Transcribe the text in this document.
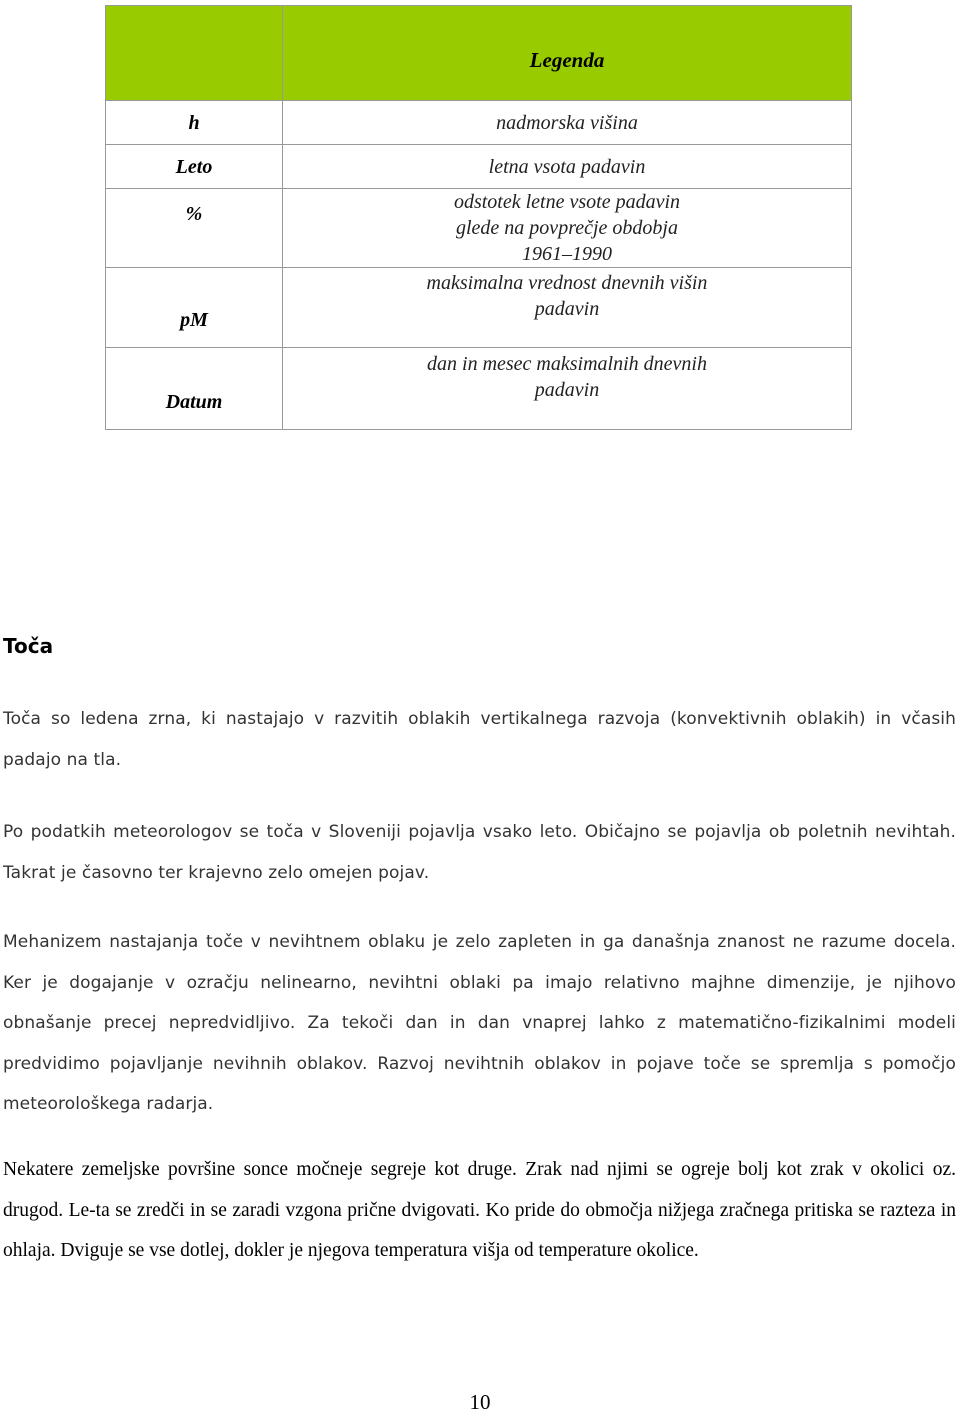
	Legenda
h	nadmorska višina
Leto	letna vsota padavin
%	odstotek letne vsote padavin glede na povprečje obdobja 1961–1990
pM	maksimalna vrednost dnevnih višin padavin
Datum	dan in mesec maksimalnih dnevnih padavin
Toča

Toča so ledena zrna, ki nastajajo v razvitih oblakih vertikalnega razvoja (konvektivnih oblakih) in včasih padajo na tla.

Po podatkih meteorologov se toča v Sloveniji pojavlja vsako leto. Običajno se pojavlja ob poletnih nevihtah. Takrat je časovno ter krajevno zelo omejen pojav.

Mehanizem nastajanja toče v nevihtnem oblaku je zelo zapleten in ga današnja znanost ne razume docela. Ker je dogajanje v ozračju nelinearno, nevihtni oblaki pa imajo relativno majhne dimenzije, je njihovo obnašanje precej nepredvidljivo. Za tekoči dan in dan vnaprej lahko z matematično-fizikalnimi modeli predvidimo pojavljanje nevihnih oblakov. Razvoj nevihtnih oblakov in pojave toče se spremlja s pomočjo meteorološkega radarja.

Nekatere zemeljske površine sonce močneje segreje kot druge. Zrak nad njimi se ogreje bolj kot zrak v okolici oz. drugod. Le-ta se zredči in se zaradi vzgona prične dvigovati. Ko pride do območja nižjega zračnega pritiska se razteza in ohlaja. Dviguje se vse dotlej, dokler je njegova temperatura višja od temperature okolice.

10
